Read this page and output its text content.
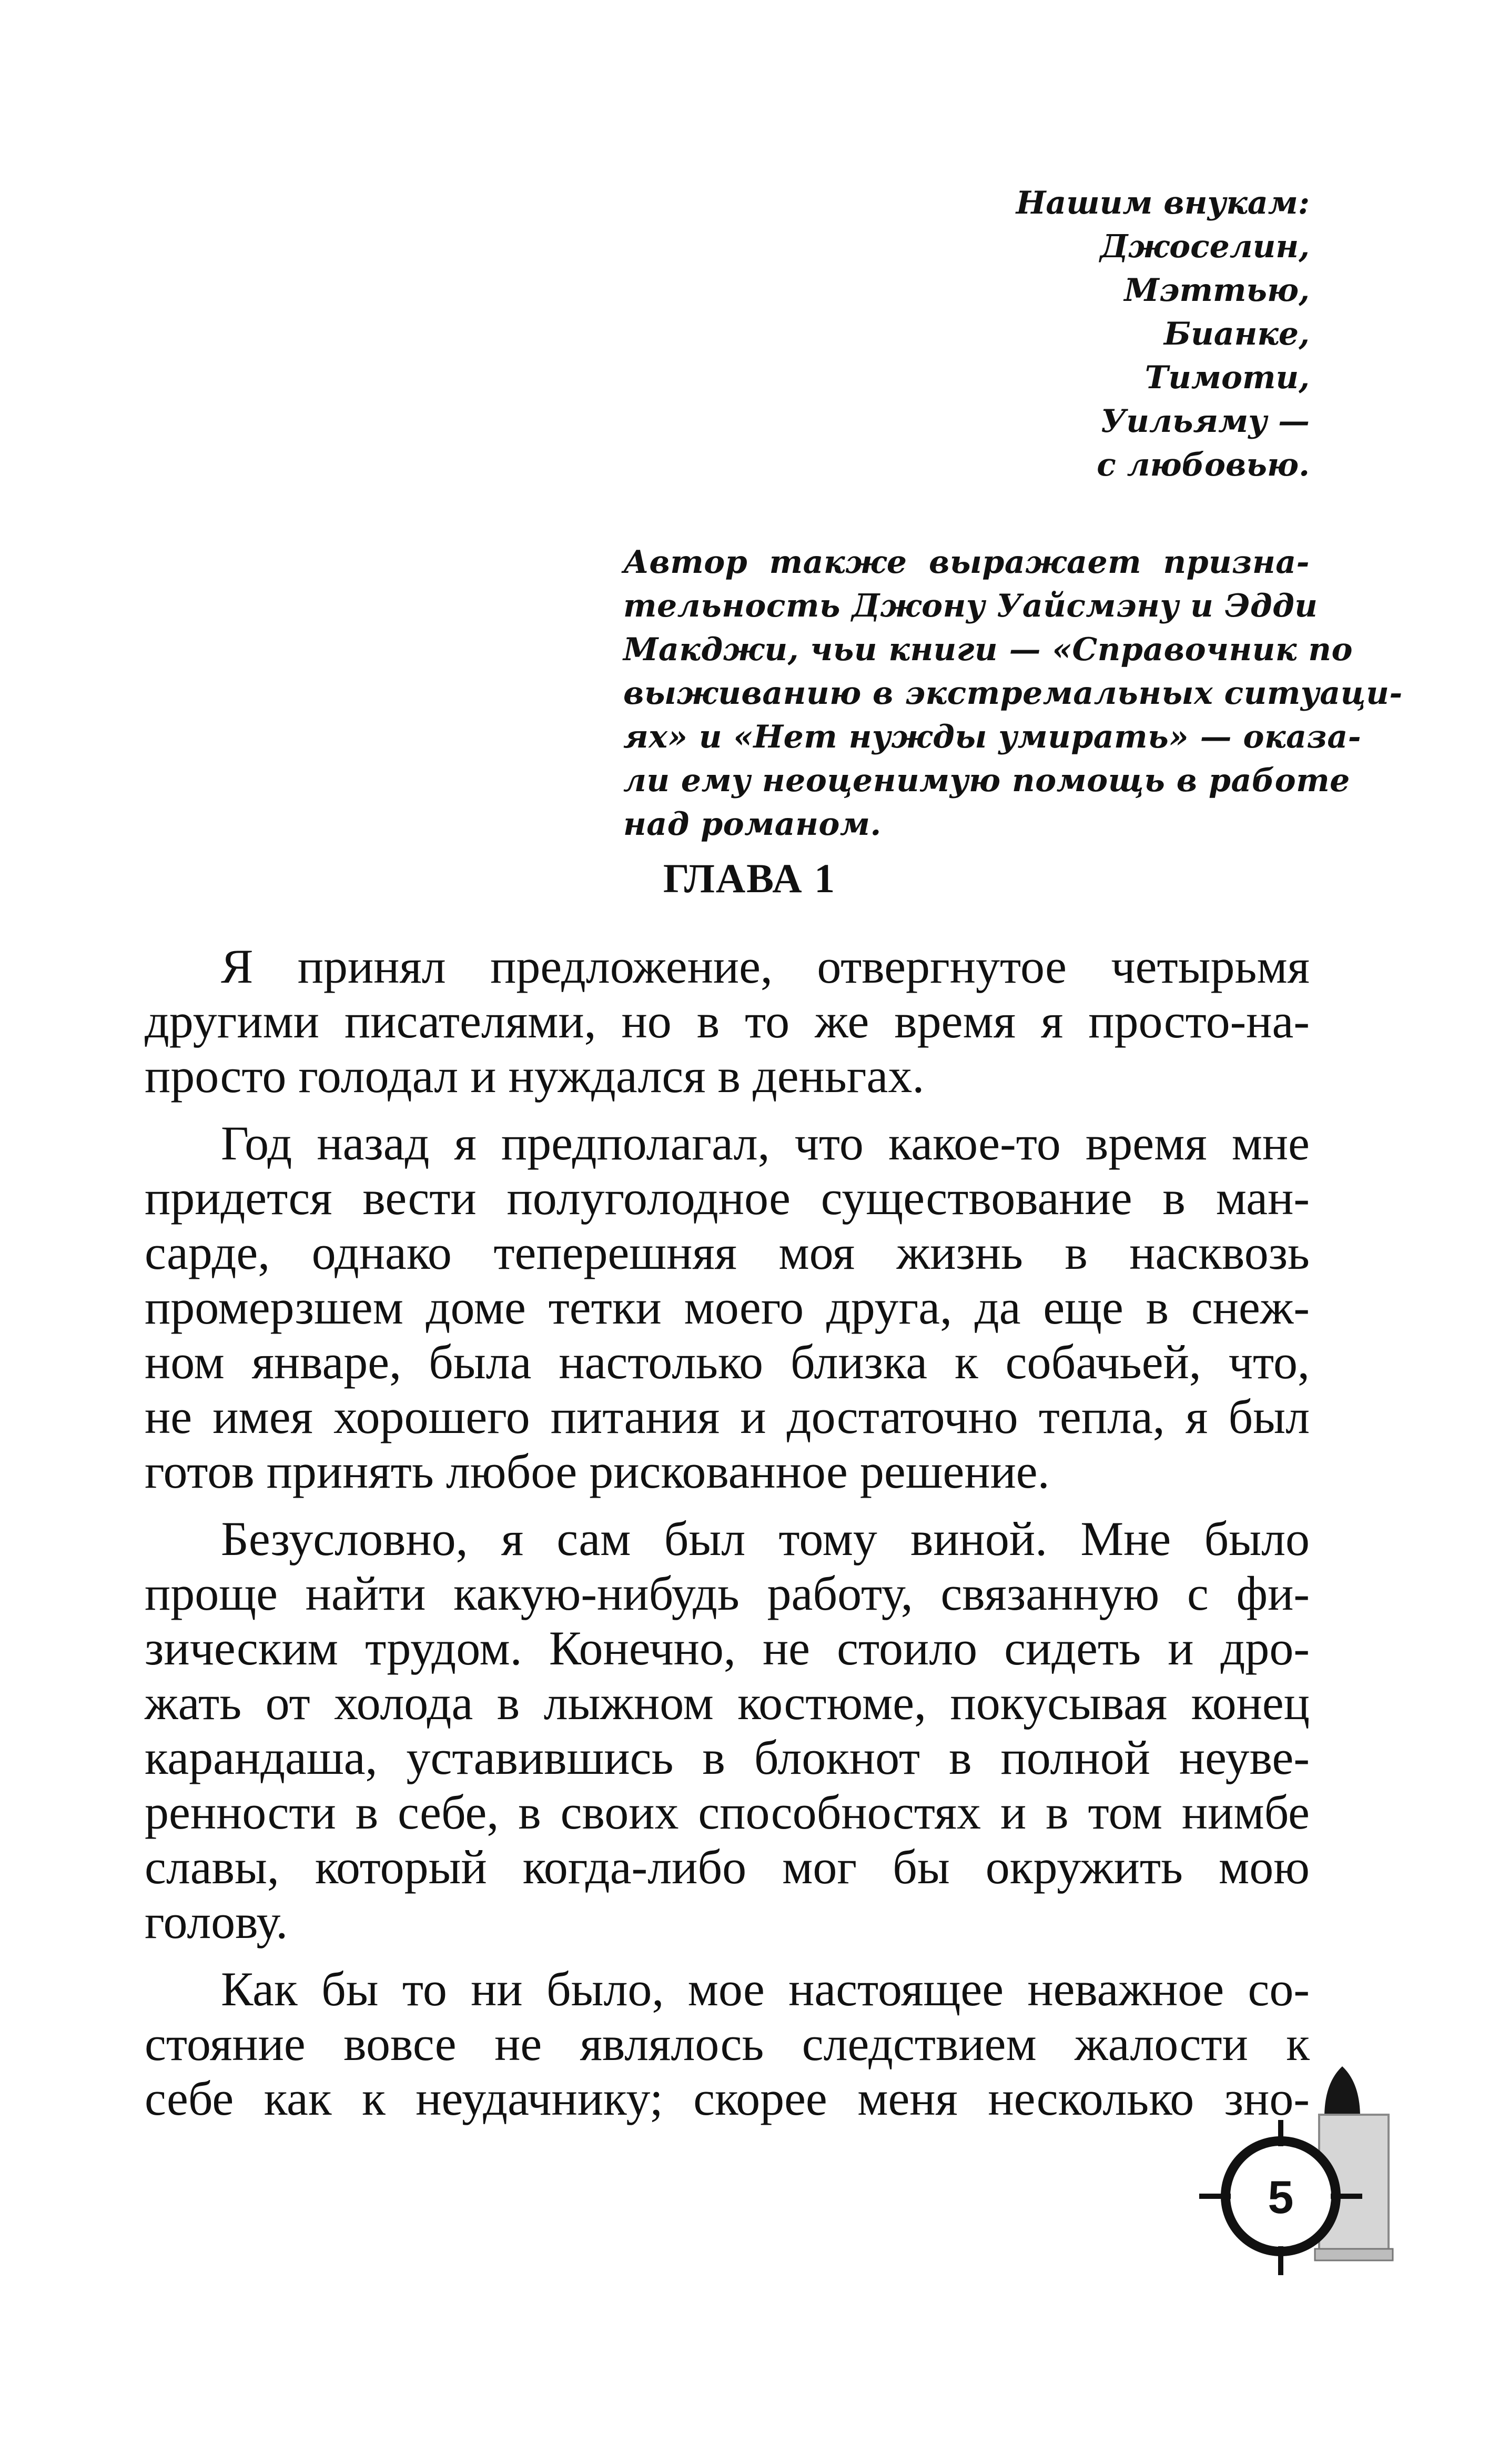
Нашим внукам:
Джоселин,
Мэттью,
Бианке,
Тимоти,
Уильяму —
с любовью.
Автор также выражает призна-
тельность Джону Уайсмэну и Эдди
Макджи, чьи книги — «Справочник по
выживанию в экстремальных ситуаци-
ях» и «Нет нужды умирать» — оказа-
ли ему неоценимую помощь в работе
над романом.
ГЛАВА 1
Я принял предложение, отвергнутое четырьмя
другими писателями, но в то же время я просто-на-
просто голодал и нуждался в деньгах.
Год назад я предполагал, что какое-то время мне
придется вести полуголодное существование в ман-
сарде, однако теперешняя моя жизнь в насквозь
промерзшем доме тетки моего друга, да еще в снеж-
ном январе, была настолько близка к собачьей, что,
не имея хорошего питания и достаточно тепла, я был
готов принять любое рискованное решение.
Безусловно, я сам был тому виной. Мне было
проще найти какую-нибудь работу, связанную с фи-
зическим трудом. Конечно, не стоило сидеть и дро-
жать от холода в лыжном костюме, покусывая конец
карандаша, уставившись в блокнот в полной неуве-
ренности в себе, в своих способностях и в том нимбе
славы, который когда-либо мог бы окружить мою
голову.
Как бы то ни было, мое настоящее неважное со-
стояние вовсе не являлось следствием жалости к
себе как к неудачнику; скорее меня несколько зно-
5
